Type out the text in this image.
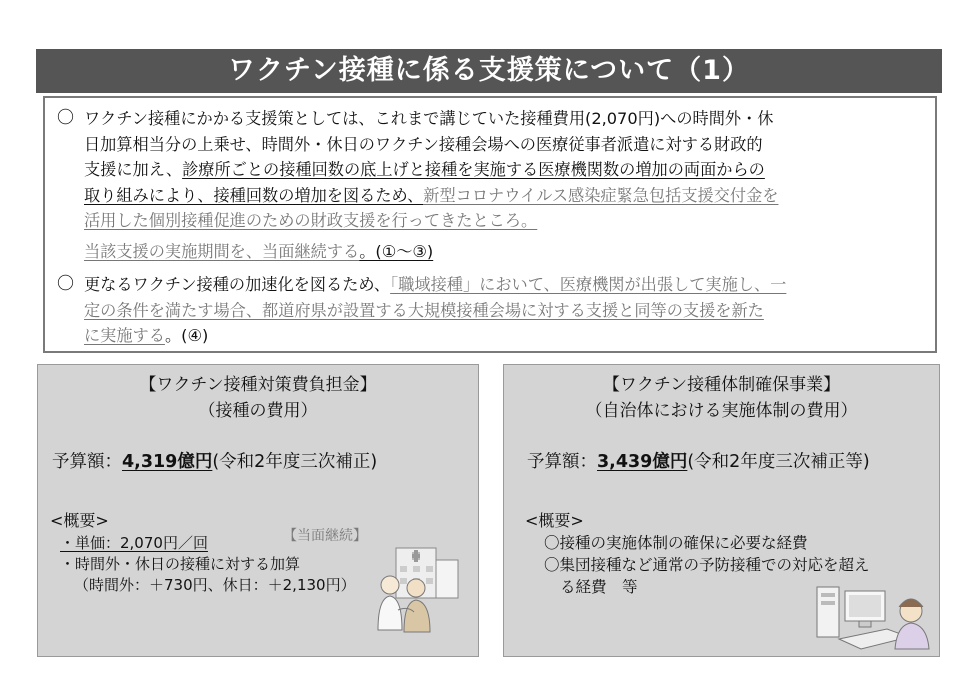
ワクチン接種に係る支援策について（1）
〇 ワクチン接種にかかる支援策としては、これまで講じていた接種費用(2,070円)への時間外・休
日加算相当分の上乗せ、時間外・休日のワクチン接種会場への医療従事者派遣に対する財政的
支援に加え、診療所ごとの接種回数の底上げと接種を実施する医療機関数の増加の両面からの
取り組みにより、接種回数の増加を図るため、新型コロナウイルス感染症緊急包括支援交付金を
活用した個別接種促進のための財政支援を行ってきたところ。
当該支援の実施期間を、当面継続する。(①〜③)
〇 更なるワクチン接種の加速化を図るため、「職域接種」において、医療機関が出張して実施し、一
定の条件を満たす場合、都道府県が設置する大規模接種会場に対する支援と同等の支援を新た
に実施する。(④)
【ワクチン接種対策費負担金】
（接種の費用）
予算額：4,319億円(令和2年度三次補正)
<概要>
・単価：2,070円／回	【当面継続】
・時間外・休日の接種に対する加算
（時間外：＋730円、休日：＋2,130円）
【ワクチン接種体制確保事業】
（自治体における実施体制の費用）
予算額：3,439億円(令和2年度三次補正等)
<概要>
〇接種の実施体制の確保に必要な経費
〇集団接種など通常の予防接種での対応を超え
る経費　等
